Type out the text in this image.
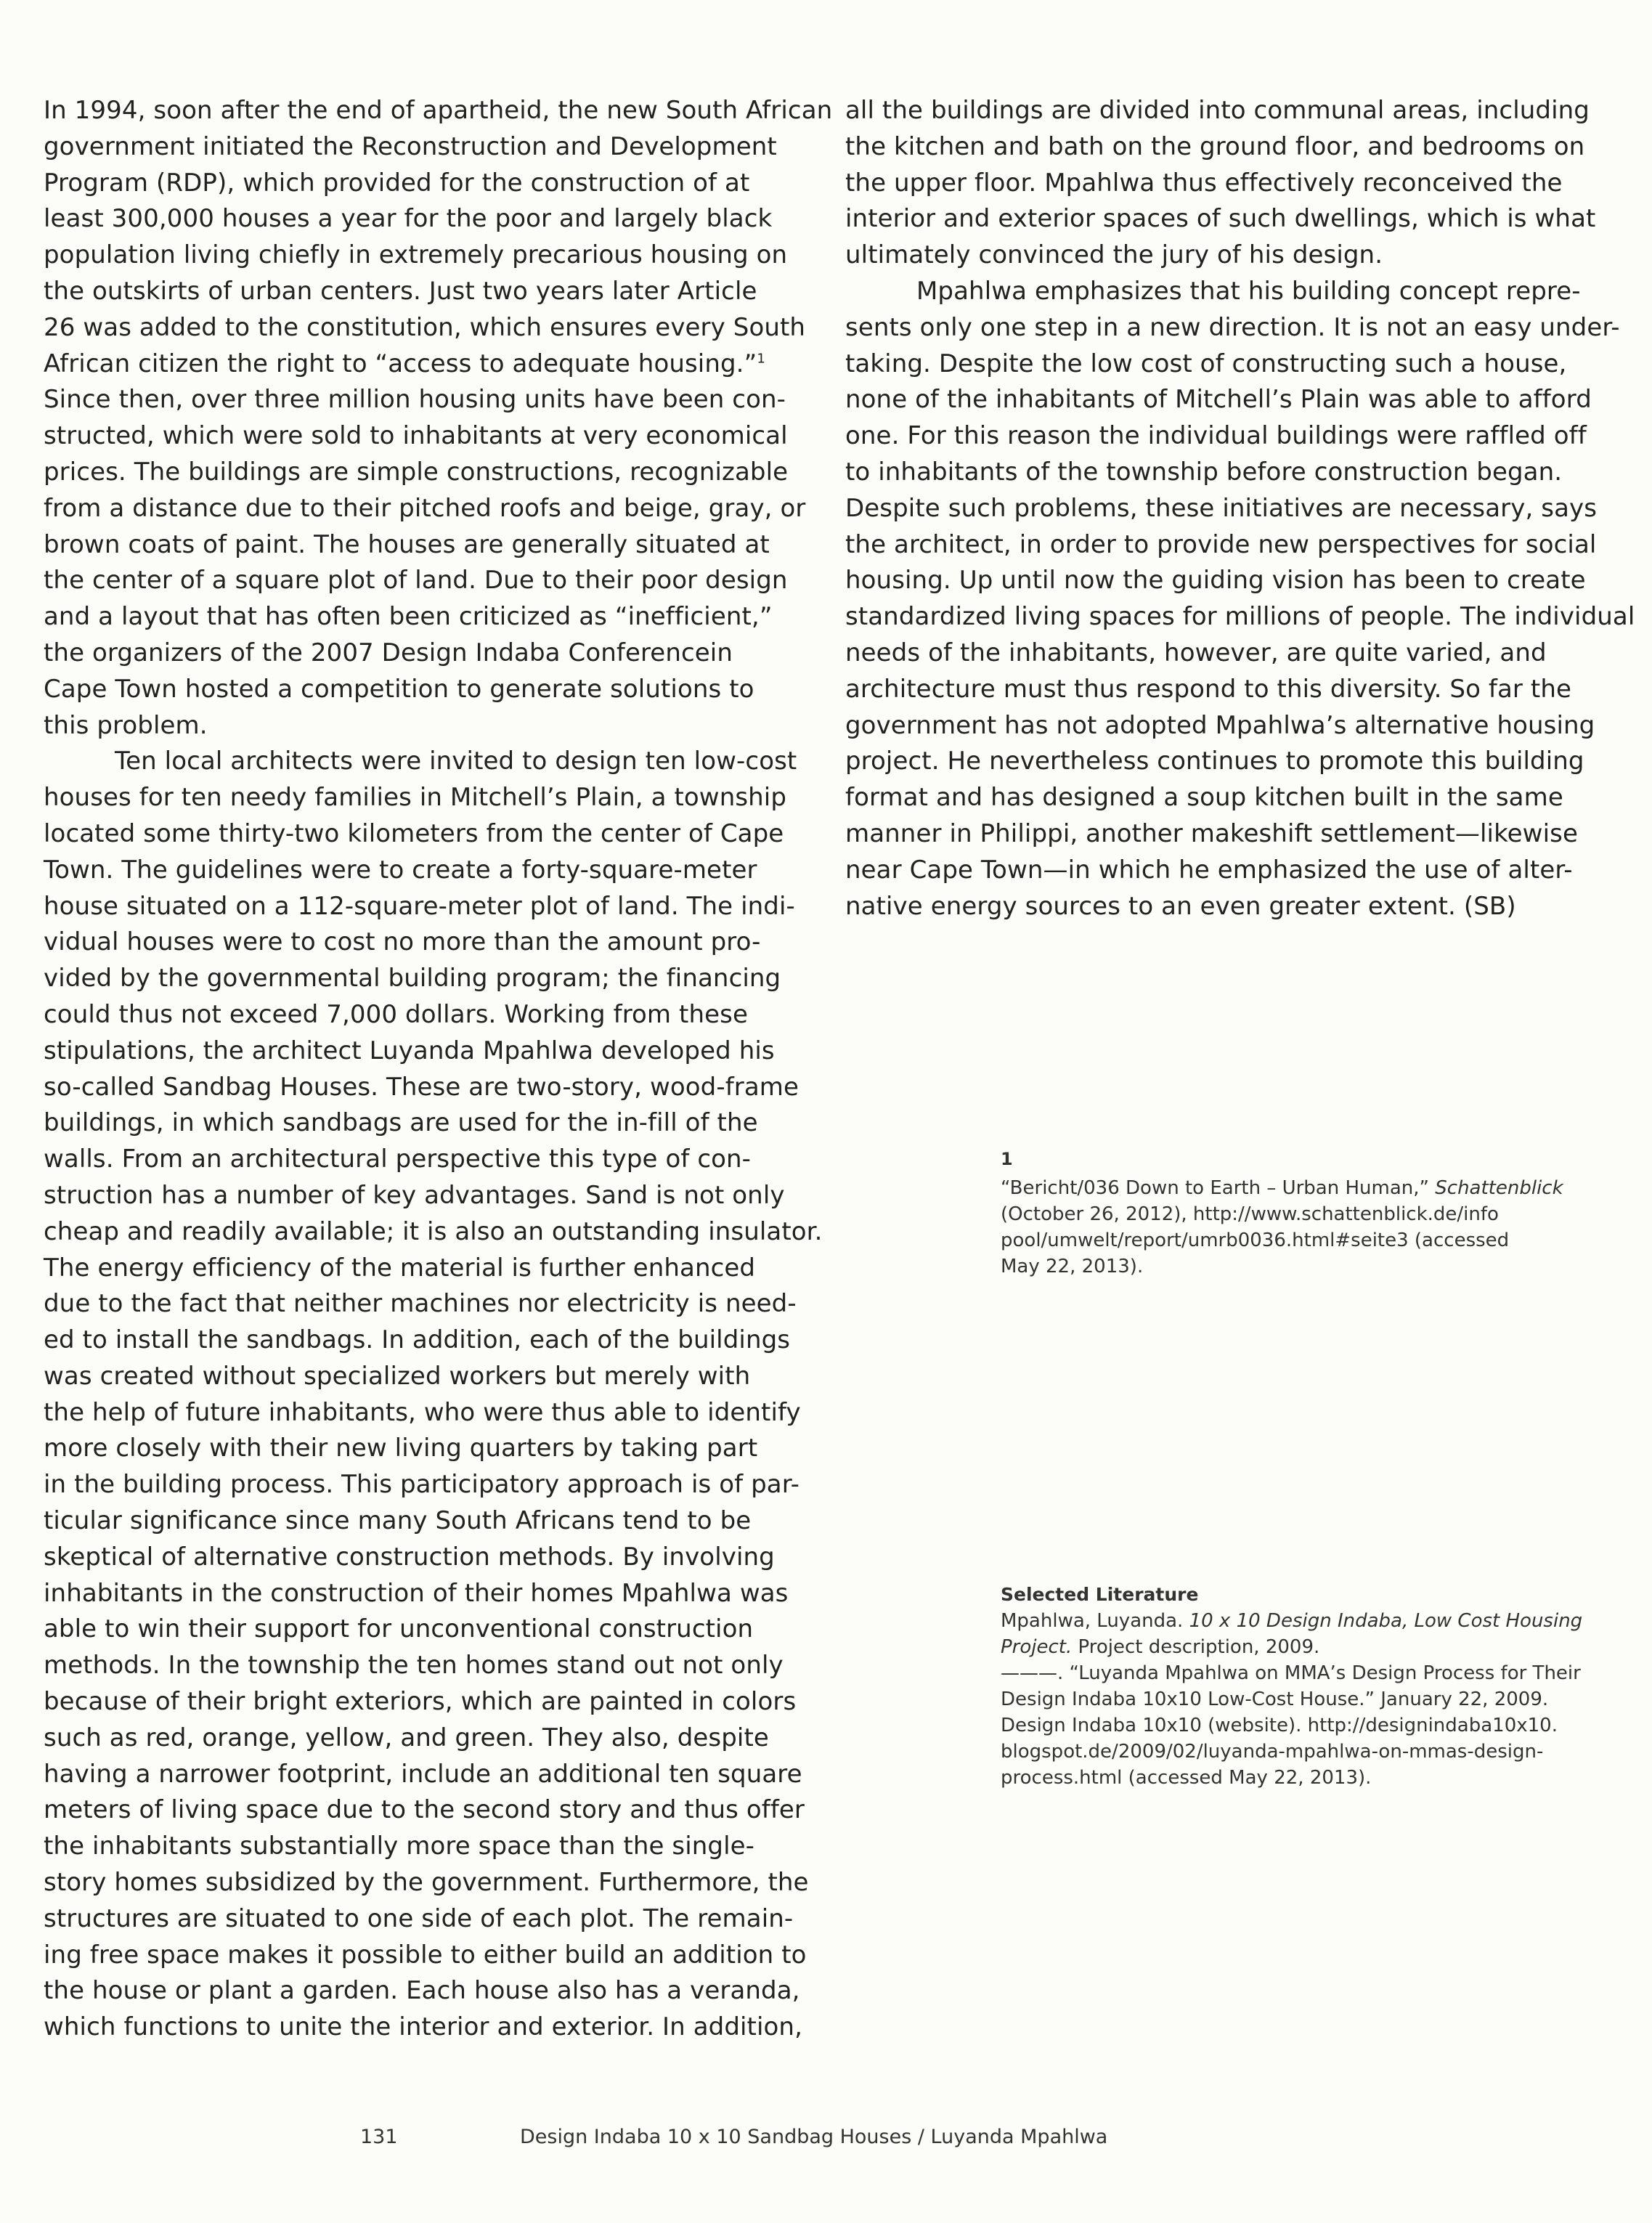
In 1994, soon after the end of apartheid, the new South African
government initiated the Reconstruction and Development
Program (RDP), which provided for the construction of at
least 300,000 houses a year for the poor and largely black
population living chiefly in extremely precarious housing on
the outskirts of urban centers. Just two years later Article
26 was added to the constitution, which ensures every South
African citizen the right to “access to adequate housing.”$^1$
Since then, over three million housing units have been con-
structed, which were sold to inhabitants at very economical
prices. The buildings are simple constructions, recognizable
from a distance due to their pitched roofs and beige, gray, or
brown coats of paint. The houses are generally situated at
the center of a square plot of land. Due to their poor design
and a layout that has often been criticized as “inefficient,”
the organizers of the 2007 Design Indaba Conferencein
Cape Town hosted a competition to generate solutions to
this problem.

Ten local architects were invited to design ten low-cost
houses for ten needy families in Mitchell’s Plain, a township
located some thirty-two kilometers from the center of Cape
Town. The guidelines were to create a forty-square-meter
house situated on a 112-square-meter plot of land. The indi-
vidual houses were to cost no more than the amount pro-
vided by the governmental building program; the financing
could thus not exceed 7,000 dollars. Working from these
stipulations, the architect Luyanda Mpahlwa developed his
so-called Sandbag Houses. These are two-story, wood-frame
buildings, in which sandbags are used for the in-fill of the
walls. From an architectural perspective this type of con-
struction has a number of key advantages. Sand is not only
cheap and readily available; it is also an outstanding insulator.
The energy efficiency of the material is further enhanced
due to the fact that neither machines nor electricity is need-
ed to install the sandbags. In addition, each of the buildings
was created without specialized workers but merely with
the help of future inhabitants, who were thus able to identify
more closely with their new living quarters by taking part
in the building process. This participatory approach is of par-
ticular significance since many South Africans tend to be
skeptical of alternative construction methods. By involving
inhabitants in the construction of their homes Mpahlwa was
able to win their support for unconventional construction
methods. In the township the ten homes stand out not only
because of their bright exteriors, which are painted in colors
such as red, orange, yellow, and green. They also, despite
having a narrower footprint, include an additional ten square
meters of living space due to the second story and thus offer
the inhabitants substantially more space than the single-
story homes subsidized by the government. Furthermore, the
structures are situated to one side of each plot. The remain-
ing free space makes it possible to either build an addition to
the house or plant a garden. Each house also has a veranda,
which functions to unite the interior and exterior. In addition,

all the buildings are divided into communal areas, including
the kitchen and bath on the ground floor, and bedrooms on
the upper floor. Mpahlwa thus effectively reconceived the
interior and exterior spaces of such dwellings, which is what
ultimately convinced the jury of his design.

Mpahlwa emphasizes that his building concept repre-
sents only one step in a new direction. It is not an easy under-
taking. Despite the low cost of constructing such a house,
none of the inhabitants of Mitchell’s Plain was able to afford
one. For this reason the individual buildings were raffled off
to inhabitants of the township before construction began.
Despite such problems, these initiatives are necessary, says
the architect, in order to provide new perspectives for social
housing. Up until now the guiding vision has been to create
standardized living spaces for millions of people. The individual
needs of the inhabitants, however, are quite varied, and
architecture must thus respond to this diversity. So far the
government has not adopted Mpahlwa’s alternative housing
project. He nevertheless continues to promote this building
format and has designed a soup kitchen built in the same
manner in Philippi, another makeshift settlement—likewise
near Cape Town—in which he emphasized the use of alter-
native energy sources to an even greater extent. (SB)

1
“Bericht/036 Down to Earth – Urban Human,” Schattenblick
(October 26, 2012), http://www.schattenblick.de/info
pool/umwelt/report/umrb0036.html#seite3 (accessed
May 22, 2013).
Selected Literature
Mpahlwa, Luyanda. 10 x 10 Design Indaba, Low Cost Housing
Project. Project description, 2009.
———. “Luyanda Mpahlwa on MMA’s Design Process for Their
Design Indaba 10x10 Low-Cost House.” January 22, 2009.
Design Indaba 10x10 (website). http://designindaba10x10.
blogspot.de/2009/02/luyanda-mpahlwa-on-mmas-design-
process.html (accessed May 22, 2013).
131	Design Indaba 10 x 10 Sandbag Houses / Luyanda Mpahlwa
